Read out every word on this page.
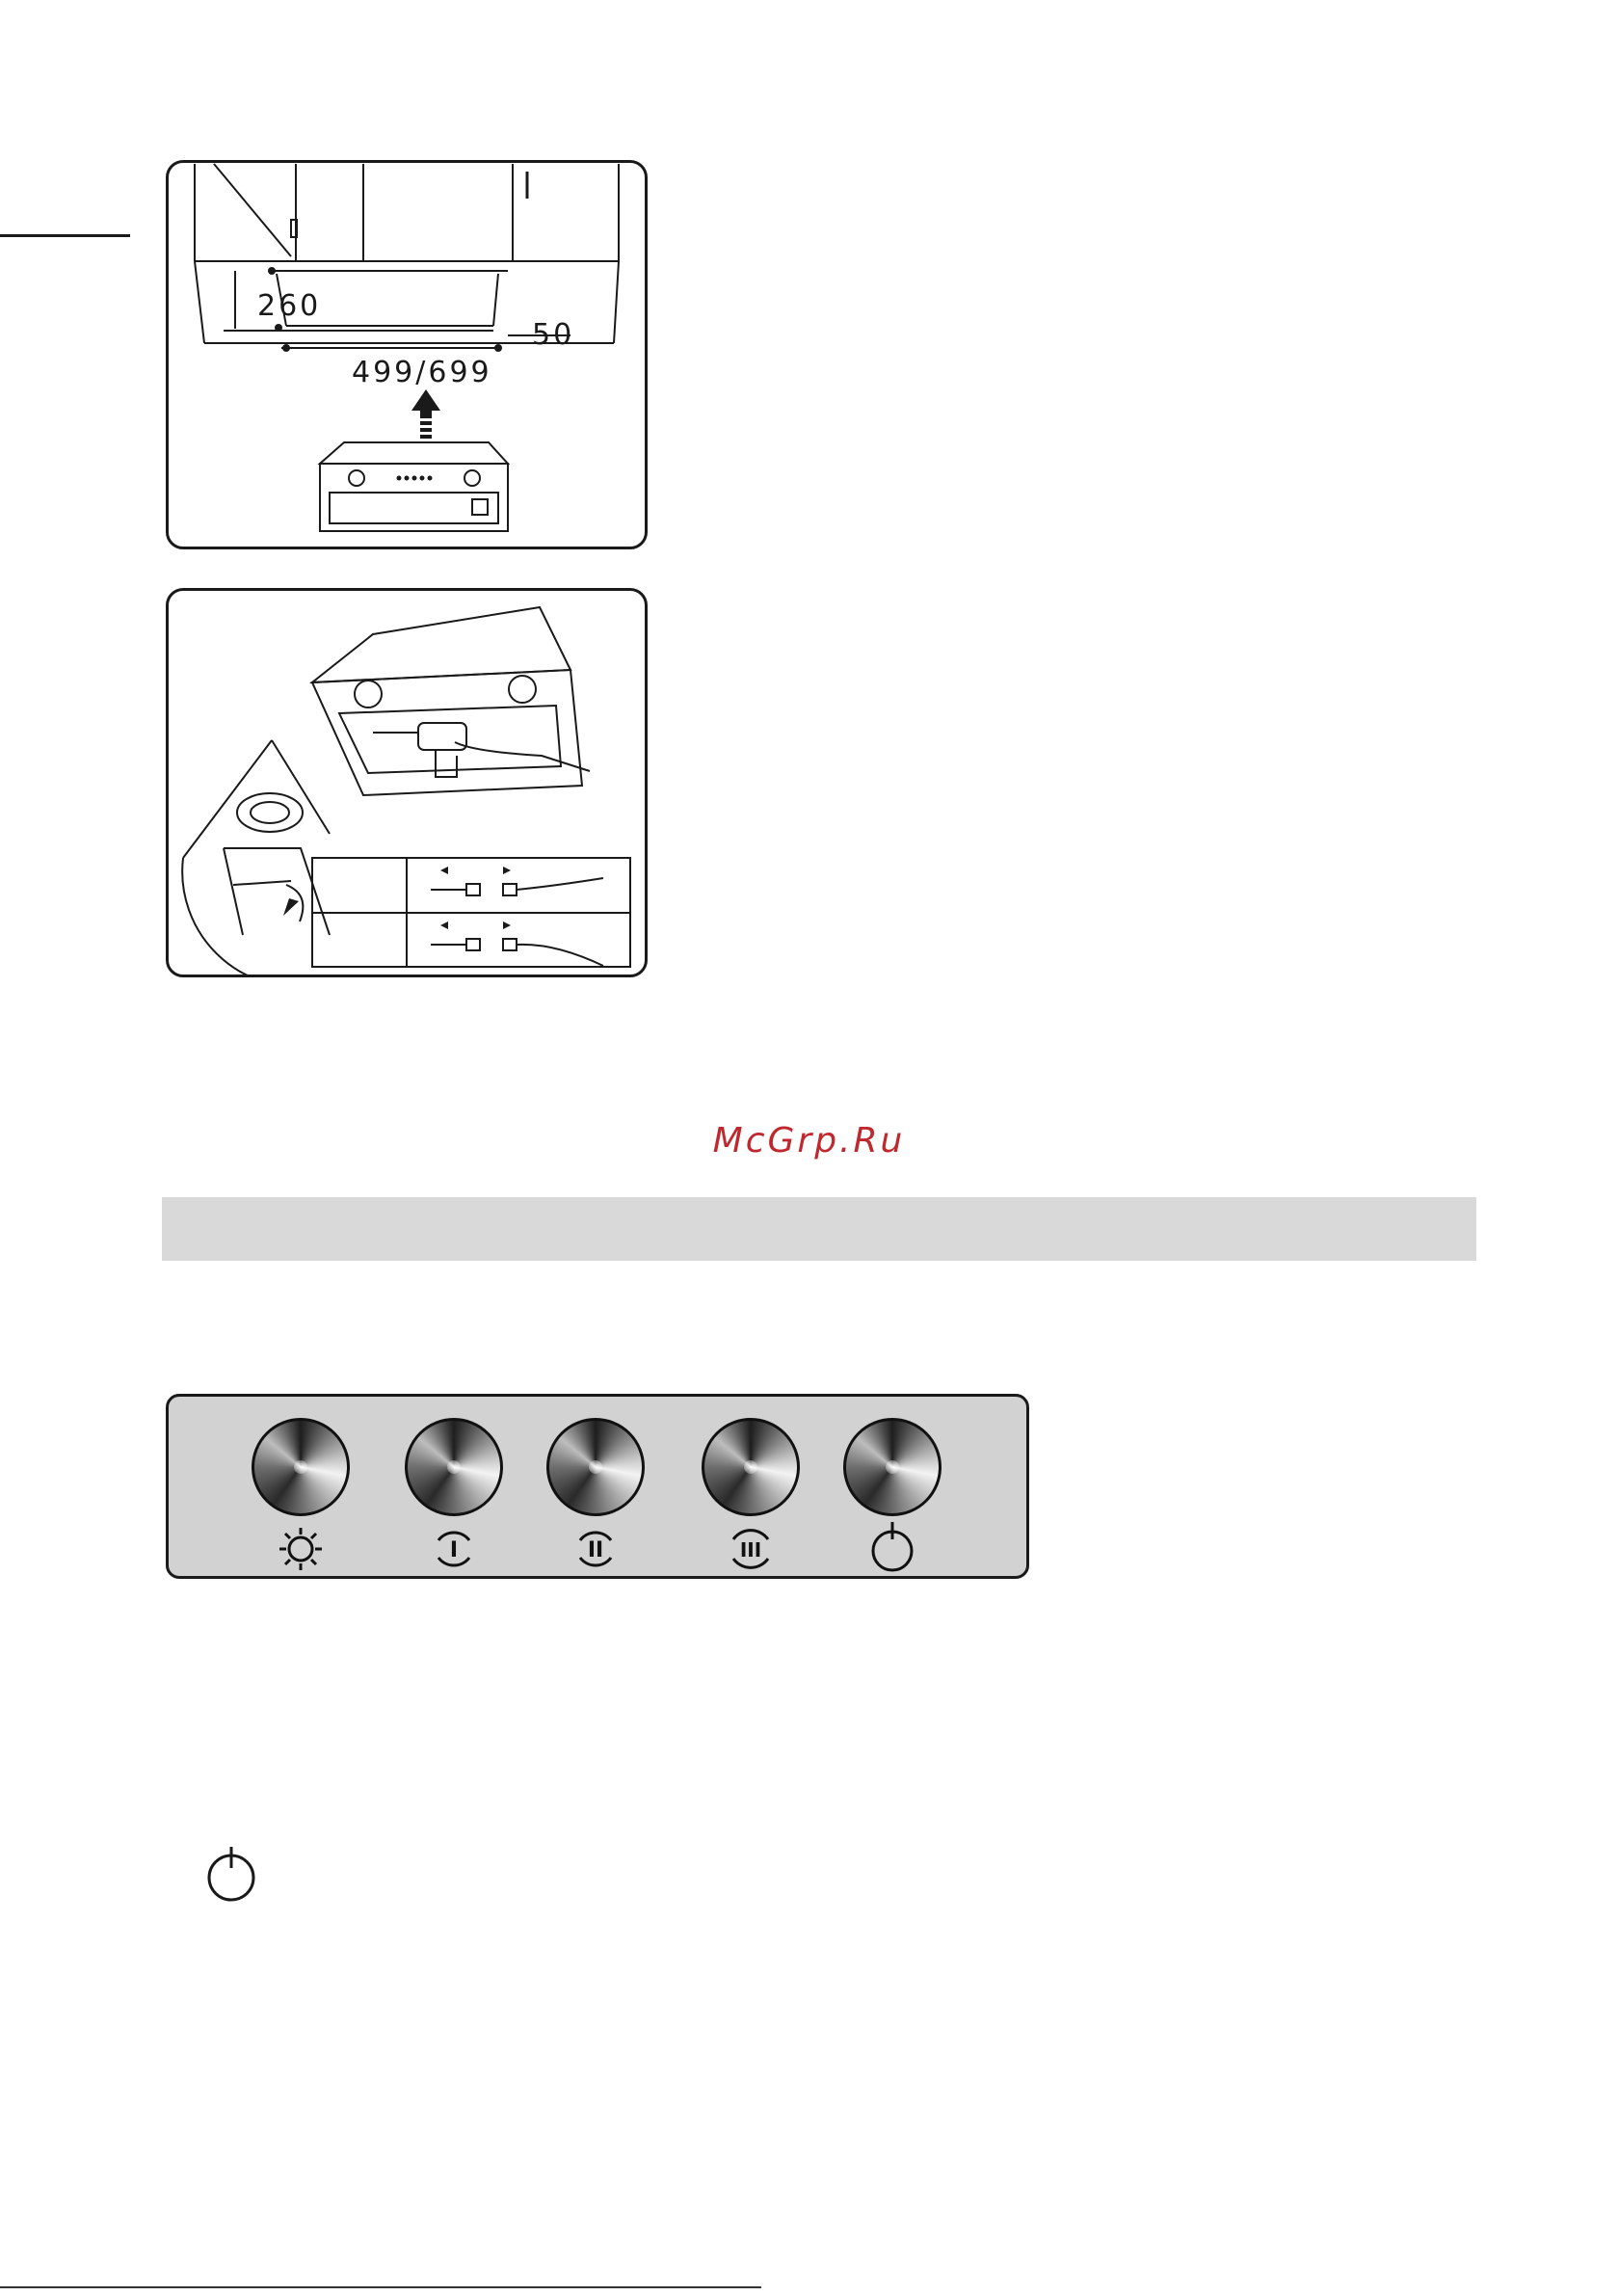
260
50
499/699
McGrp.Ru
I	II	III
